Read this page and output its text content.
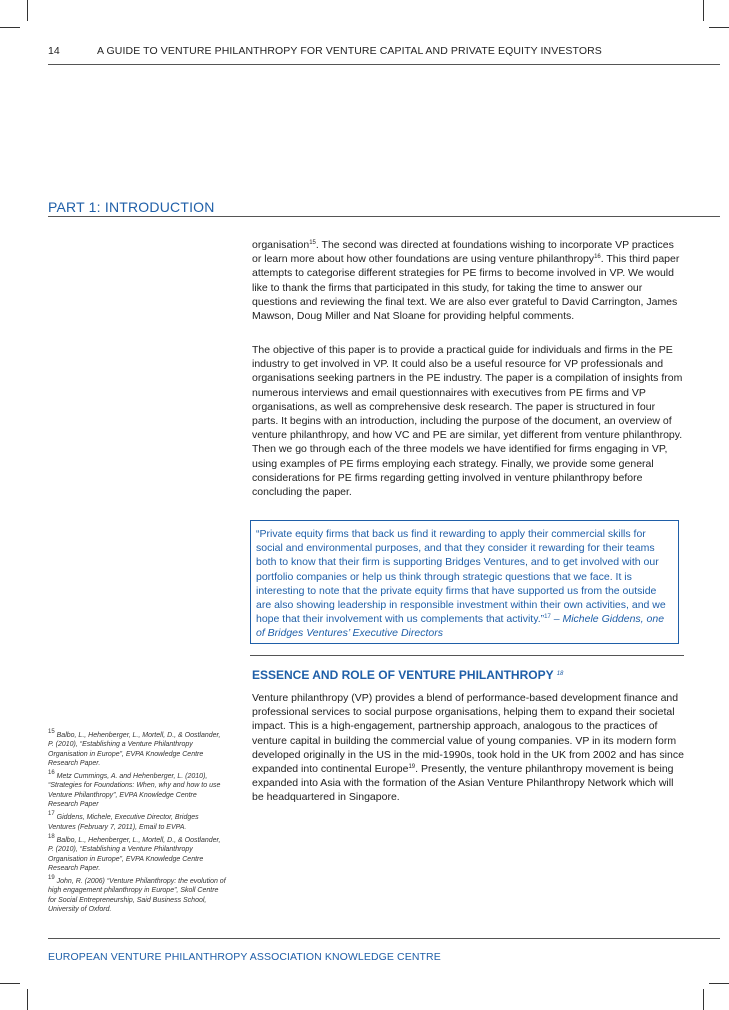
14	A GUIDE TO VENTURE PHILANTHROPY FOR VENTURE CAPITAL AND PRIVATE EQUITY INVESTORS
PART 1: INTRODUCTION

organisation$^{15}$. The second was directed at foundations wishing to incorporate VP practices or learn more about how other foundations are using venture philanthropy$^{16}$. This third paper attempts to categorise different strategies for PE firms to become involved in VP. We would like to thank the firms that participated in this study, for taking the time to answer our questions and reviewing the final text. We are also ever grateful to David Carrington, James Mawson, Doug Miller and Nat Sloane for providing helpful comments.

The objective of this paper is to provide a practical guide for individuals and firms in the PE industry to get involved in VP. It could also be a useful resource for VP professionals and organisations seeking partners in the PE industry. The paper is a compilation of insights from numerous interviews and email questionnaires with executives from PE firms and VP organisations, as well as comprehensive desk research. The paper is structured in four parts. It begins with an introduction, including the purpose of the document, an overview of venture philanthropy, and how VC and PE are similar, yet different from venture philanthropy. Then we go through each of the three models we have identified for firms engaging in VP, using examples of PE firms employing each strategy. Finally, we provide some general considerations for PE firms regarding getting involved in venture philanthropy before concluding the paper.

“Private equity firms that back us find it rewarding to apply their commercial skills for social and environmental purposes, and that they consider it rewarding for their teams both to know that their firm is supporting Bridges Ventures, and to get involved with our portfolio companies or help us think through strategic questions that we face. It is interesting to note that the private equity firms that have supported us from the outside are also showing leadership in responsible investment within their own activities, and we hope that their involvement with us complements that activity.”$^{17}$ – Michele Giddens, one of Bridges Ventures’ Executive Directors
ESSENCE AND ROLE OF VENTURE PHILANTHROPY $^{18}$

Venture philanthropy (VP) provides a blend of performance-based development finance and professional services to social purpose organisations, helping them to expand their societal impact. This is a high-engagement, partnership approach, analogous to the practices of venture capital in building the commercial value of young companies. VP in its modern form developed originally in the US in the mid-1990s, took hold in the UK from 2002 and has since expanded into continental Europe$^{19}$. Presently, the venture philanthropy movement is being expanded into Asia with the formation of the Asian Venture Philanthropy Network which will be headquartered in Singapore.

$^{15}$ Balbo, L., Hehenberger, L., Mortell, D., & Oostlander, P. (2010), “Establishing a Venture Philanthropy Organisation in Europe”, EVPA Knowledge Centre Research Paper.
$^{16}$ Metz Cummings, A. and Hehenberger, L. (2010), “Strategies for Foundations: When, why and how to use Venture Philanthropy”, EVPA Knowledge Centre Research Paper
$^{17}$ Giddens, Michele, Executive Director, Bridges Ventures (February 7, 2011), Email to EVPA.
$^{18}$ Balbo, L., Hehenberger, L., Mortell, D., & Oostlander, P. (2010), “Establishing a Venture Philanthropy Organisation in Europe”, EVPA Knowledge Centre Research Paper.
$^{19}$ John, R. (2006) “Venture Philanthropy: the evolution of high engagement philanthropy in Europe”, Skoll Centre for Social Entrepreneurship, Said Business School, University of Oxford.
EUROPEAN VENTURE PHILANTHROPY ASSOCIATION KNOWLEDGE CENTRE
